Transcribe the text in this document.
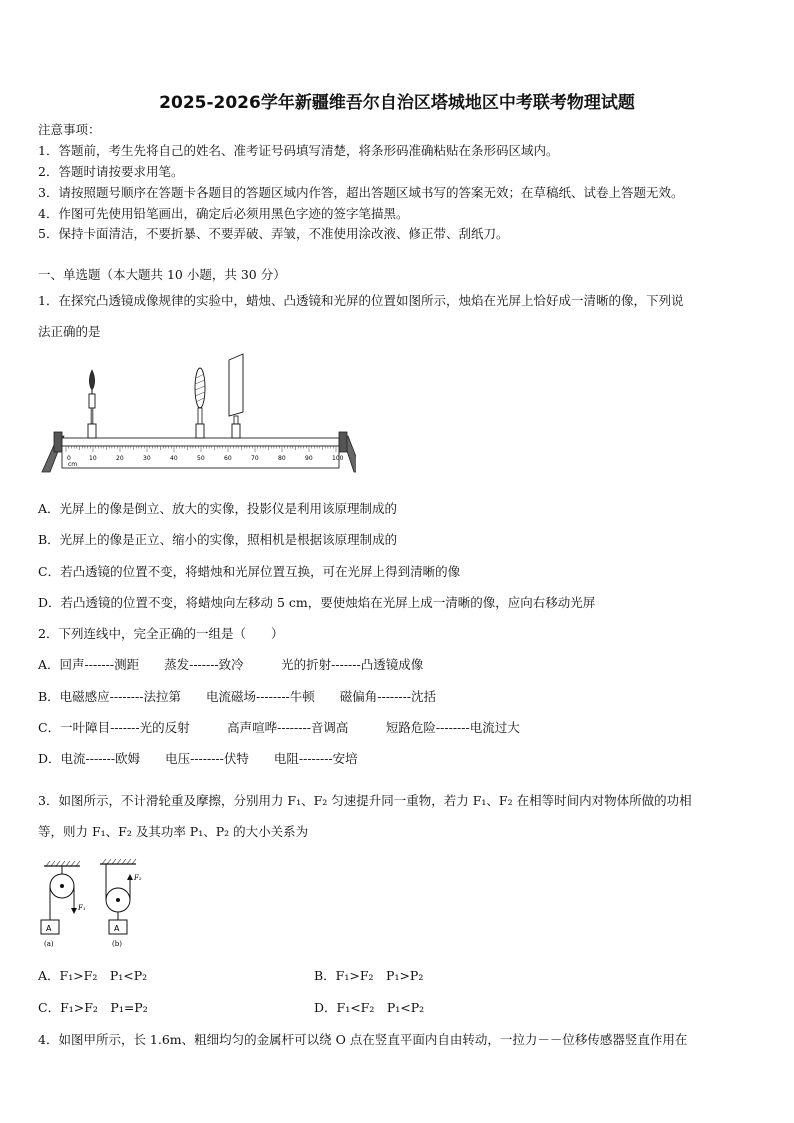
2025-2026学年新疆维吾尔自治区塔城地区中考联考物理试题
注意事项：
1．答题前，考生先将自己的姓名、准考证号码填写清楚，将条形码准确粘贴在条形码区域内。
2．答题时请按要求用笔。
3．请按照题号顺序在答题卡各题目的答题区域内作答，超出答题区域书写的答案无效；在草稿纸、试卷上答题无效。
4．作图可先使用铅笔画出，确定后必须用黑色字迹的签字笔描黑。
5．保持卡面清洁，不要折暴、不要弄破、弄皱，不准使用涂改液、修正带、刮纸刀。
一、单选题（本大题共 10 小题，共 30 分）
1．在探究凸透镜成像规律的实验中，蜡烛、凸透镜和光屏的位置如图所示，烛焰在光屏上恰好成一清晰的像，下列说
法正确的是
0	10	20	30	40	50	60	70	80	90	100
cm
A．光屏上的像是倒立、放大的实像，投影仪是利用该原理制成的
B．光屏上的像是正立、缩小的实像，照相机是根据该原理制成的
C．若凸透镜的位置不变，将蜡烛和光屏位置互换，可在光屏上得到清晰的像
D．若凸透镜的位置不变，将蜡烛向左移动 5 cm，要使烛焰在光屏上成一清晰的像，应向右移动光屏
2．下列连线中，完全正确的一组是（　　）
A．回声-------测距　　蒸发-------致冷　　　光的折射-------凸透镜成像
B．电磁感应--------法拉第　　电流磁场--------牛顿　　磁偏角--------沈括
C．一叶障目-------光的反射　　　高声喧哗--------音调高　　　短路危险--------电流过大
D．电流-------欧姆　　电压--------伏特　　电阻--------安培
3．如图所示，不计滑轮重及摩擦，分别用力 F₁、F₂ 匀速提升同一重物，若力 F₁、F₂ 在相等时间内对物体所做的功相
等，则力 F₁、F₂ 及其功率 P₁、P₂ 的大小关系为
F₁
A
(a)
F₂
A
(b)
A．F₁>F₂　P₁<P₂	B．F₁>F₂　P₁>P₂
C．F₁>F₂　P₁=P₂	D．F₁<F₂　P₁<P₂
4．如图甲所示，长 1.6m、粗细均匀的金属杆可以绕 O 点在竖直平面内自由转动，一拉力－－位移传感器竖直作用在
